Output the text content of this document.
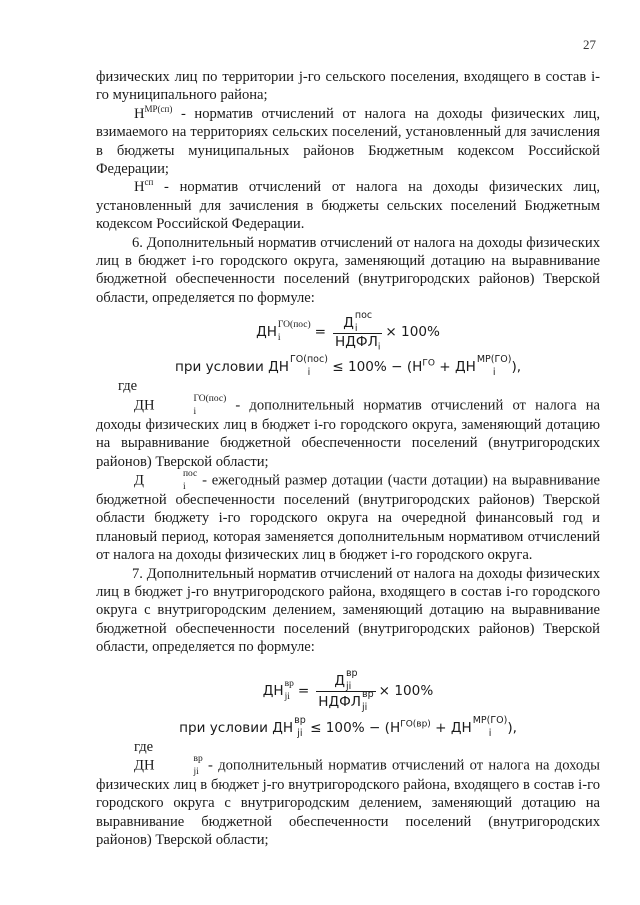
27

физических лиц по территории j-го сельского поселения, входящего в состав i-го муниципального района;

$Н^{МР(сп)}$ - норматив отчислений от налога на доходы физических лиц, взимаемого на территориях сельских поселений, установленный для зачисления в бюджеты муниципальных районов Бюджетным кодексом Российской Федерации;

$Н^{сп}$ - норматив отчислений от налога на доходы физических лиц, установленный для зачисления в бюджеты сельских поселений Бюджетным кодексом Российской Федерации.

6. Дополнительный норматив отчислений от налога на доходы физических лиц в бюджет i-го городского округа, заменяющий дотацию на выравнивание бюджетной обеспеченности поселений (внутригородских районов) Тверской области, определяется по формуле:

ДН ГО(пос)
i	= Д пос
i
$НДФЛ_i \times 100\%$
при условии ДН ГО(пос)
i	≤ $100\% - (Н^{ГО}$ + ДН МР(ГО)
i	),

где

ДН	ГО(пос)
i	- дополнительный норматив отчислений от налога на доходы физических лиц в бюджет i-го городского округа, заменяющий дотацию на выравнивание бюджетной обеспеченности поселений (внутригородских районов) Тверской области;

Д	пос
i - ежегодный размер дотации (части дотации) на выравнивание бюджетной обеспеченности поселений (внутригородских районов) Тверской области бюджету i-го городского округа на очередной финансовый год и плановый период, которая заменяется дополнительным нормативом отчислений от налога на доходы физических лиц в бюджет i-го городского округа.

7. Дополнительный норматив отчислений от налога на доходы физических лиц в бюджет j-го внутригородского района, входящего в состав i-го городского округа с внутригородским делением, заменяющий дотацию на выравнивание бюджетной обеспеченности поселений (внутригородских районов) Тверской области, определяется по формуле:

ДН вр
ji = Д вр
ji
НДФЛ вр
ji × 100%
при условии ДН вр
ji ≤ $100\% - (Н^{ГО(вр)}$ + ДН МР(ГО)
i	),

где

ДН	вр
ji - дополнительный норматив отчислений от налога на доходы физических лиц в бюджет j-го внутригородского района, входящего в состав i-го городского округа с внутригородским делением, заменяющий дотацию на выравнивание бюджетной обеспеченности поселений (внутригородских районов) Тверской области;
